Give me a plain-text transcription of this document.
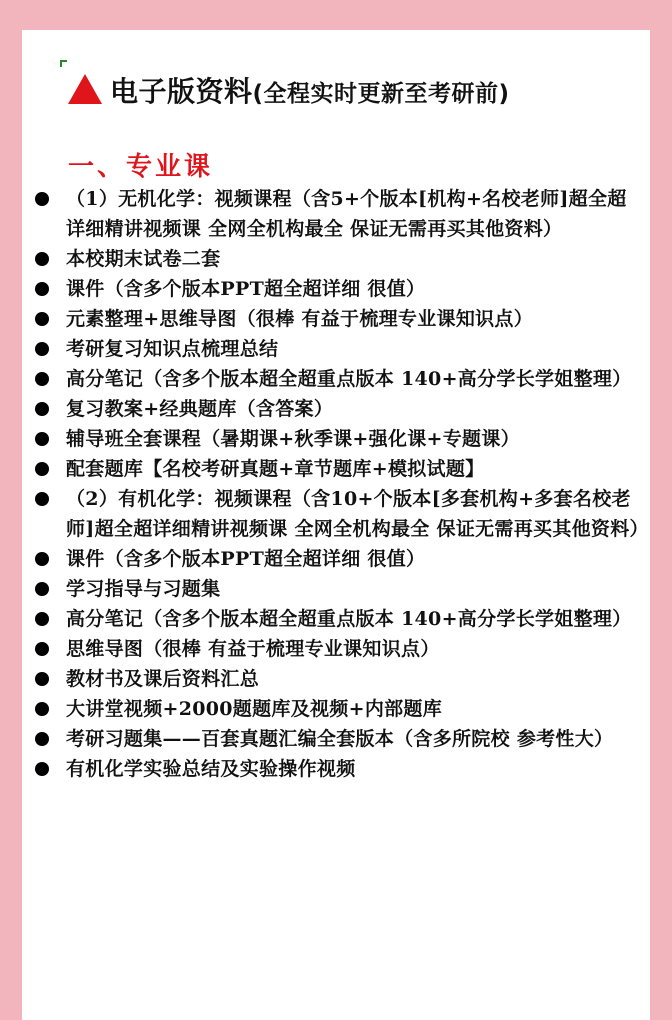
电子版资料(全程实时更新至考研前)
一、专业课
（1）无机化学：视频课程（含5+个版本[机构+名校老师]超全超详细精讲视频课 全网全机构最全 保证无需再买其他资料）
本校期末试卷二套
课件（含多个版本PPT超全超详细 很值）
元素整理+思维导图（很棒 有益于梳理专业课知识点）
考研复习知识点梳理总结
高分笔记（含多个版本超全超重点版本 140+高分学长学姐整理）
复习教案+经典题库（含答案）
辅导班全套课程（暑期课+秋季课+强化课+专题课）
配套题库【名校考研真题+章节题库+模拟试题】
（2）有机化学：视频课程（含10+个版本[多套机构+多套名校老师]超全超详细精讲视频课 全网全机构最全 保证无需再买其他资料）
课件（含多个版本PPT超全超详细 很值）
学习指导与习题集
高分笔记（含多个版本超全超重点版本 140+高分学长学姐整理）
思维导图（很棒 有益于梳理专业课知识点）
教材书及课后资料汇总
大讲堂视频+2000题题库及视频+内部题库
考研习题集——百套真题汇编全套版本（含多所院校 参考性大）
有机化学实验总结及实验操作视频
